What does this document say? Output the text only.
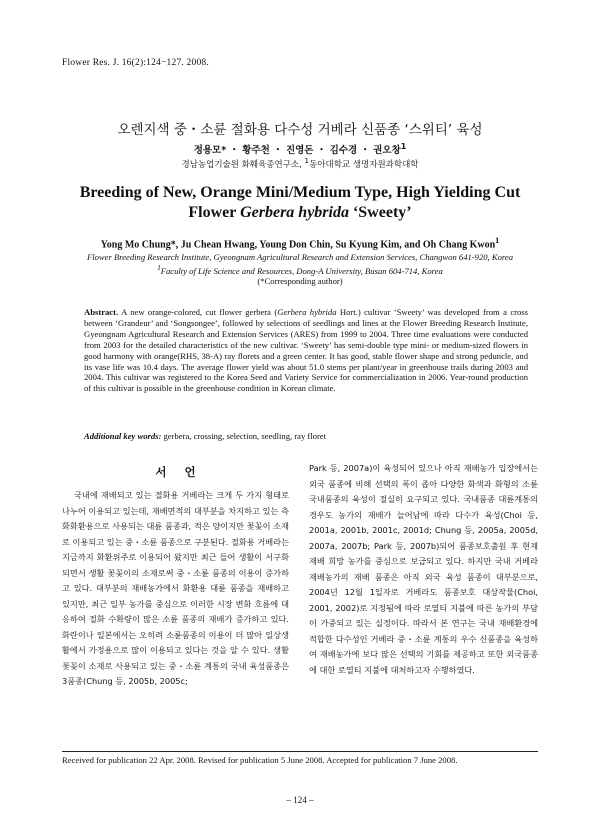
Flower Res. J. 16(2):124−127. 2008.
오렌지색 중・소륜 절화용 다수성 거베라 신품종 ‘스위티’ 육성
정용모* ・ 황주천 ・ 진영돈 ・ 김수경 ・ 권오창$^1$
경남농업기술원 화훼육종연구소, $^1$동아대학교 생명자원과학대학
Breeding of New, Orange Mini/Medium Type, High Yielding Cut
Flower Gerbera hybrida ‘Sweety’
Yong Mo Chung*, Ju Chean Hwang, Young Don Chin, Su Kyung Kim, and Oh Chang Kwon$^1$
Flower Breeding Research Institute, Gyeongnam Agricultural Research and Extension Services, Changwon 641-920, Korea
$^1$Faculty of Life Science and Resources, Dong-A University, Busan 604-714, Korea
(*Corresponding author)
Abstract. A new orange-colored, cut flower gerbera (Gerbera hybrida Hort.) cultivar ‘Sweety’ was developed from a cross between ‘Grandeur’ and ‘Songsongee’, followed by selections of seedlings and lines at the Flower Breeding Research Institute, Gyeongnam Agricultural Research and Extension Services (ARES) from 1999 to 2004. Three time evaluations were conducted from 2003 for the detailed characteristics of the new cultivar. ‘Sweety’ has semi-double type mini- or medium-sized flowers in good harmony with orange(RHS, 38-A) ray florets and a green center. It has good, stable flower shape and strong peduncle, and its vase life was 10.4 days. The average flower yield was about 51.0 stems per plant/year in greenhouse trails during 2003 and 2004. This cultivar was registered to the Korea Seed and Variety Service for commercialization in 2006. Year-round production of this cultivar is possible in the greenhouse condition in Korean climate.
Additional key words: gerbera, crossing, selection, seedling, ray floret
서언

국내에 재배되고 있는 절화용 거베라는 크게 두 가지 형태로 나누어 이용되고 있는데, 재배면적의 대부분을 차지하고 있는 측화화환용으로 사용되는 대륜 품종과, 적은 양이지만 꽃꽂이 소재로 이용되고 있는 중・소륜 품종으로 구분된다. 절화용 거베라는 지금까지 화환위주로 이용되어 왔지만 최근 들어 생활이 서구화되면서 생활 꽃꽂이의 소재로써 중・소륜 품종의 이용이 증가하고 있다. 대부분의 재배농가에서 화환용 대륜 품종을 재배하고 있지만, 최근 일부 농가를 중심으로 이러한 시장 변화 흐름에 대응하여 절화 수확량이 많은 소륜 품종의 재배가 증가하고 있다. 화란이나 일본에서는 오히려 소륜품종의 이용이 더 많아 일상생활에서 가정용으로 많이 이용되고 있다는 것을 알 수 있다. 생활 꽃꽂이 소재로 사용되고 있는 중・소륜 계통의 국내 육성품종은 3품종(Chung 등, 2005b, 2005c;

Park 등, 2007a)이 육성되어 있으나 아직 재배농가 입장에서는 외국 품종에 비해 선택의 폭이 좁아 다양한 화색과 화형의 소륜 국내품종의 육성이 절실히 요구되고 있다. 국내품종 대륜계통의 경우도 농가의 재배가 늘어남에 따라 다수가 육성(Choi 등, 2001a, 2001b, 2001c, 2001d; Chung 등, 2005a, 2005d, 2007a, 2007b; Park 등, 2007b)되어 품종보호출원 후 현재 재배 희망 농가를 중심으로 보급되고 있다. 하지만 국내 거베라 재배농가의 재배 품종은 아직 외국 육성 품종이 대부분으로, 2004년 12월 1일자로 거베라도 품종보호 대상작물(Choi, 2001, 2002)로 지정됨에 따라 로열티 지불에 따른 농가의 부담이 가중되고 있는 실정이다. 따라서 본 연구는 국내 재배환경에 적합한 다수성인 거베라 중・소륜 계통의 우수 신품종을 육성하여 재배농가에 보다 많은 선택의 기회를 제공하고 또한 외국품종에 대한 로열티 지불에 대처하고자 수행하였다.

Received for publication 22 Apr. 2008. Revised for publication 5 June 2008. Accepted for publication 7 June 2008.
– 124 –
